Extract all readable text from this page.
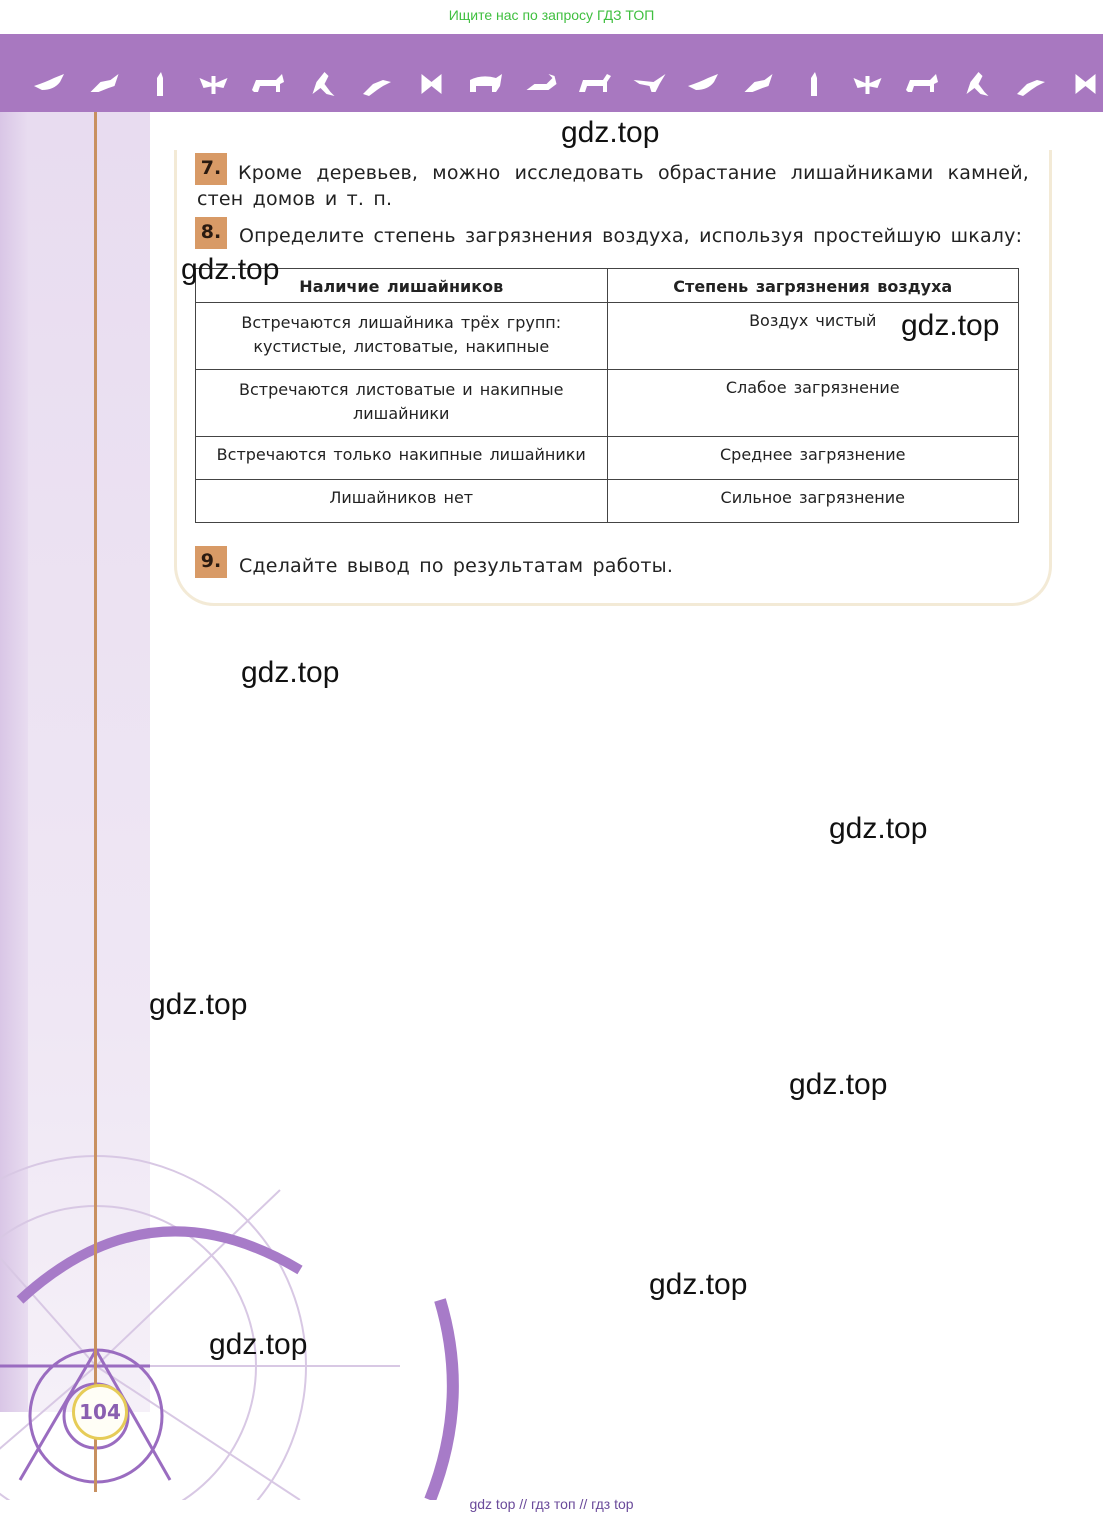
Ищите нас по запросу ГДЗ ТОП
7. Кроме деревьев, можно исследовать обрастание лишайниками камней, стен домов и т. п.
8. Определите степень загрязнения воздуха, используя простейшую шкалу:
Наличие лишайников	Степень загрязнения воздуха
Встречаются лишайника трёх групп: кустистые, листоватые, накипные	Воздух чистый
Встречаются листоватые и накипные лишайники	Слабое загрязнение
Встречаются только накипные лишайники	Среднее загрязнение
Лишайников нет	Сильное загрязнение
9. Сделайте вывод по результатам работы.
gdz.top
gdz.top
gdz.top
gdz.top
gdz.top
gdz.top
gdz.top
gdz.top
gdz.top
104
gdz top // гдз топ // гдз top
